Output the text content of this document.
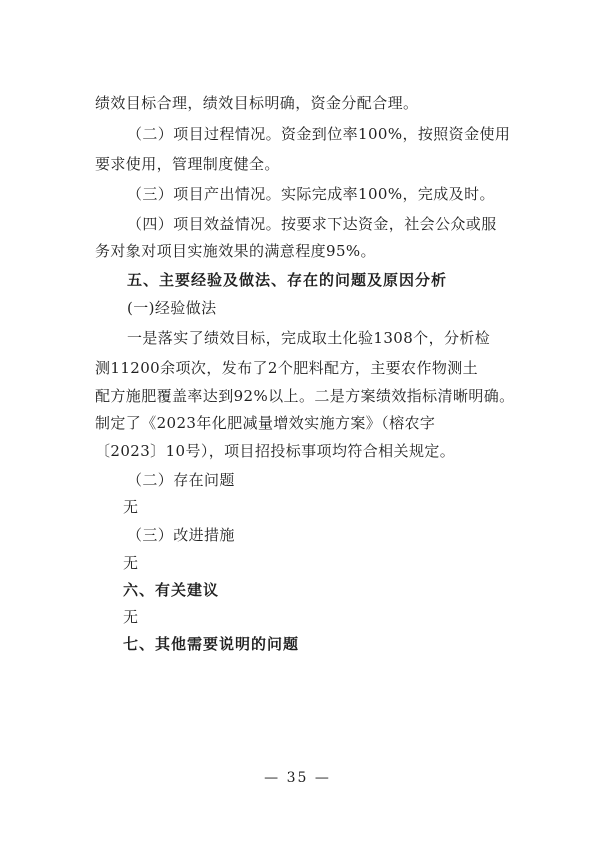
绩效目标合理，绩效目标明确，资金分配合理。
（二）项目过程情况。资金到位率100%，按照资金使用
要求使用，管理制度健全。
（三）项目产出情况。实际完成率100%，完成及时。
（四）项目效益情况。按要求下达资金，社会公众或服
务对象对项目实施效果的满意程度95%。
五、主要经验及做法、存在的问题及原因分析
(一)经验做法
一是落实了绩效目标，完成取土化验1308个，分析检
测11200余项次，发布了2个肥料配方，主要农作物测土
配方施肥覆盖率达到92%以上。二是方案绩效指标清晰明确。
制定了《2023年化肥减量增效实施方案》（榕农字
〔2023〕10号），项目招投标事项均符合相关规定。
（二）存在问题
无
（三）改进措施
无
六、有关建议
无
七、其他需要说明的问题
— 35 —
